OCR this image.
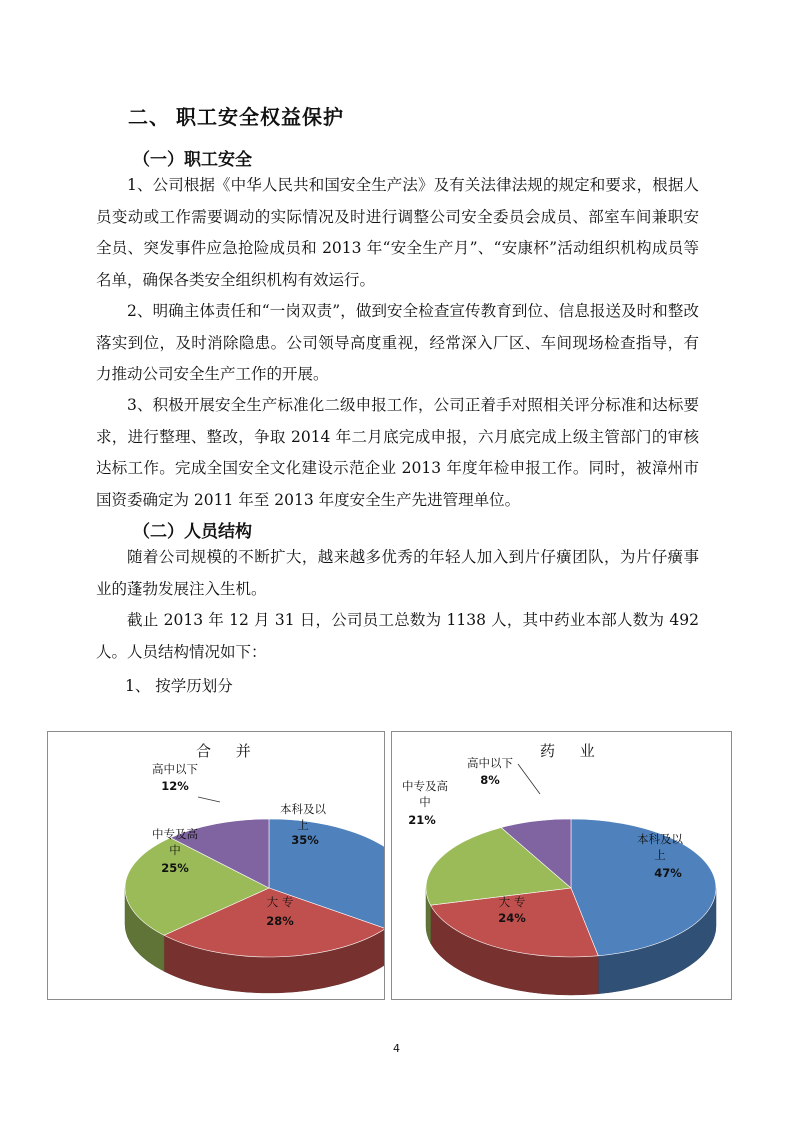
二、 职工安全权益保护
（一）职工安全

1、公司根据《中华人民共和国安全生产法》及有关法律法规的规定和要求，根据人员变动或工作需要调动的实际情况及时进行调整公司安全委员会成员、部室车间兼职安全员、突发事件应急抢险成员和 2013 年“安全生产月”、“安康杯”活动组织机构成员等名单，确保各类安全组织机构有效运行。

2、明确主体责任和“一岗双责”，做到安全检查宣传教育到位、信息报送及时和整改落实到位，及时消除隐患。公司领导高度重视，经常深入厂区、车间现场检查指导，有力推动公司安全生产工作的开展。

3、积极开展安全生产标准化二级申报工作，公司正着手对照相关评分标准和达标要求，进行整理、整改，争取 2014 年二月底完成申报，六月底完成上级主管部门的审核达标工作。完成全国安全文化建设示范企业 2013 年度年检申报工作。同时，被漳州市国资委确定为 2011 年至 2013 年度安全生产先进管理单位。

（二）人员结构

随着公司规模的不断扩大，越来越多优秀的年轻人加入到片仔癀团队，为片仔癀事业的蓬勃发展注入生机。

截止 2013 年 12 月 31 日，公司员工总数为 1138 人，其中药业本部人数为 492 人。人员结构情况如下：

1、 按学历划分
合 并
本科及以
上
35%
大 专
28%
中专及高
中
25%
高中以下
12%
药 业
本科及以
上
47%
大 专
24%
中专及高
中
21%
高中以下
8%
4
